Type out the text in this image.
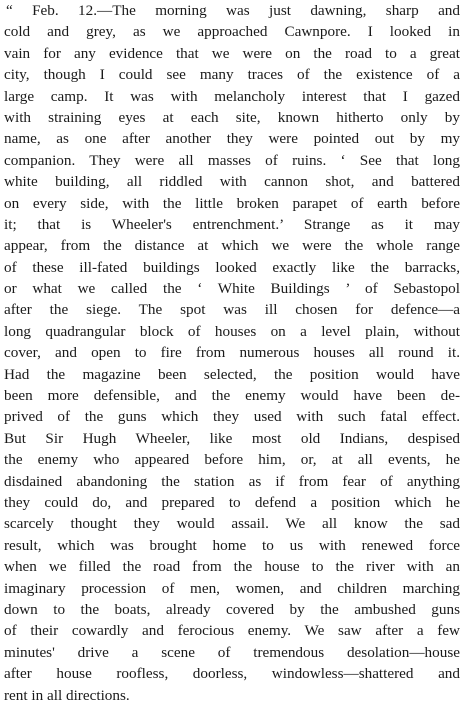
“ Feb. 12.—The morning was just dawning, sharp and
cold and grey, as we approached Cawnpore. I looked in
vain for any evidence that we were on the road to a great
city, though I could see many traces of the existence of a
large camp. It was with melancholy interest that I gazed
with straining eyes at each site, known hitherto only by
name, as one after another they were pointed out by my
companion. They were all masses of ruins. ‘ See that long
white building, all riddled with cannon shot, and battered
on every side, with the little broken parapet of earth before
it; that is Wheeler's entrenchment.’ Strange as it may
appear, from the distance at which we were the whole range
of these ill-fated buildings looked exactly like the barracks,
or what we called the ‘ White Buildings ’ of Sebastopol
after the siege. The spot was ill chosen for defence—a
long quadrangular block of houses on a level plain, without
cover, and open to fire from numerous houses all round it.
Had the magazine been selected, the position would have
been more defensible, and the enemy would have been de-
prived of the guns which they used with such fatal effect.
But Sir Hugh Wheeler, like most old Indians, despised
the enemy who appeared before him, or, at all events, he
disdained abandoning the station as if from fear of anything
they could do, and prepared to defend a position which he
scarcely thought they would assail. We all know the sad
result, which was brought home to us with renewed force
when we filled the road from the house to the river with an
imaginary procession of men, women, and children marching
down to the boats, already covered by the ambushed guns
of their cowardly and ferocious enemy. We saw after a few
minutes' drive a scene of tremendous desolation—house
after house roofless, doorless, windowless—shattered and
rent in all directions.
